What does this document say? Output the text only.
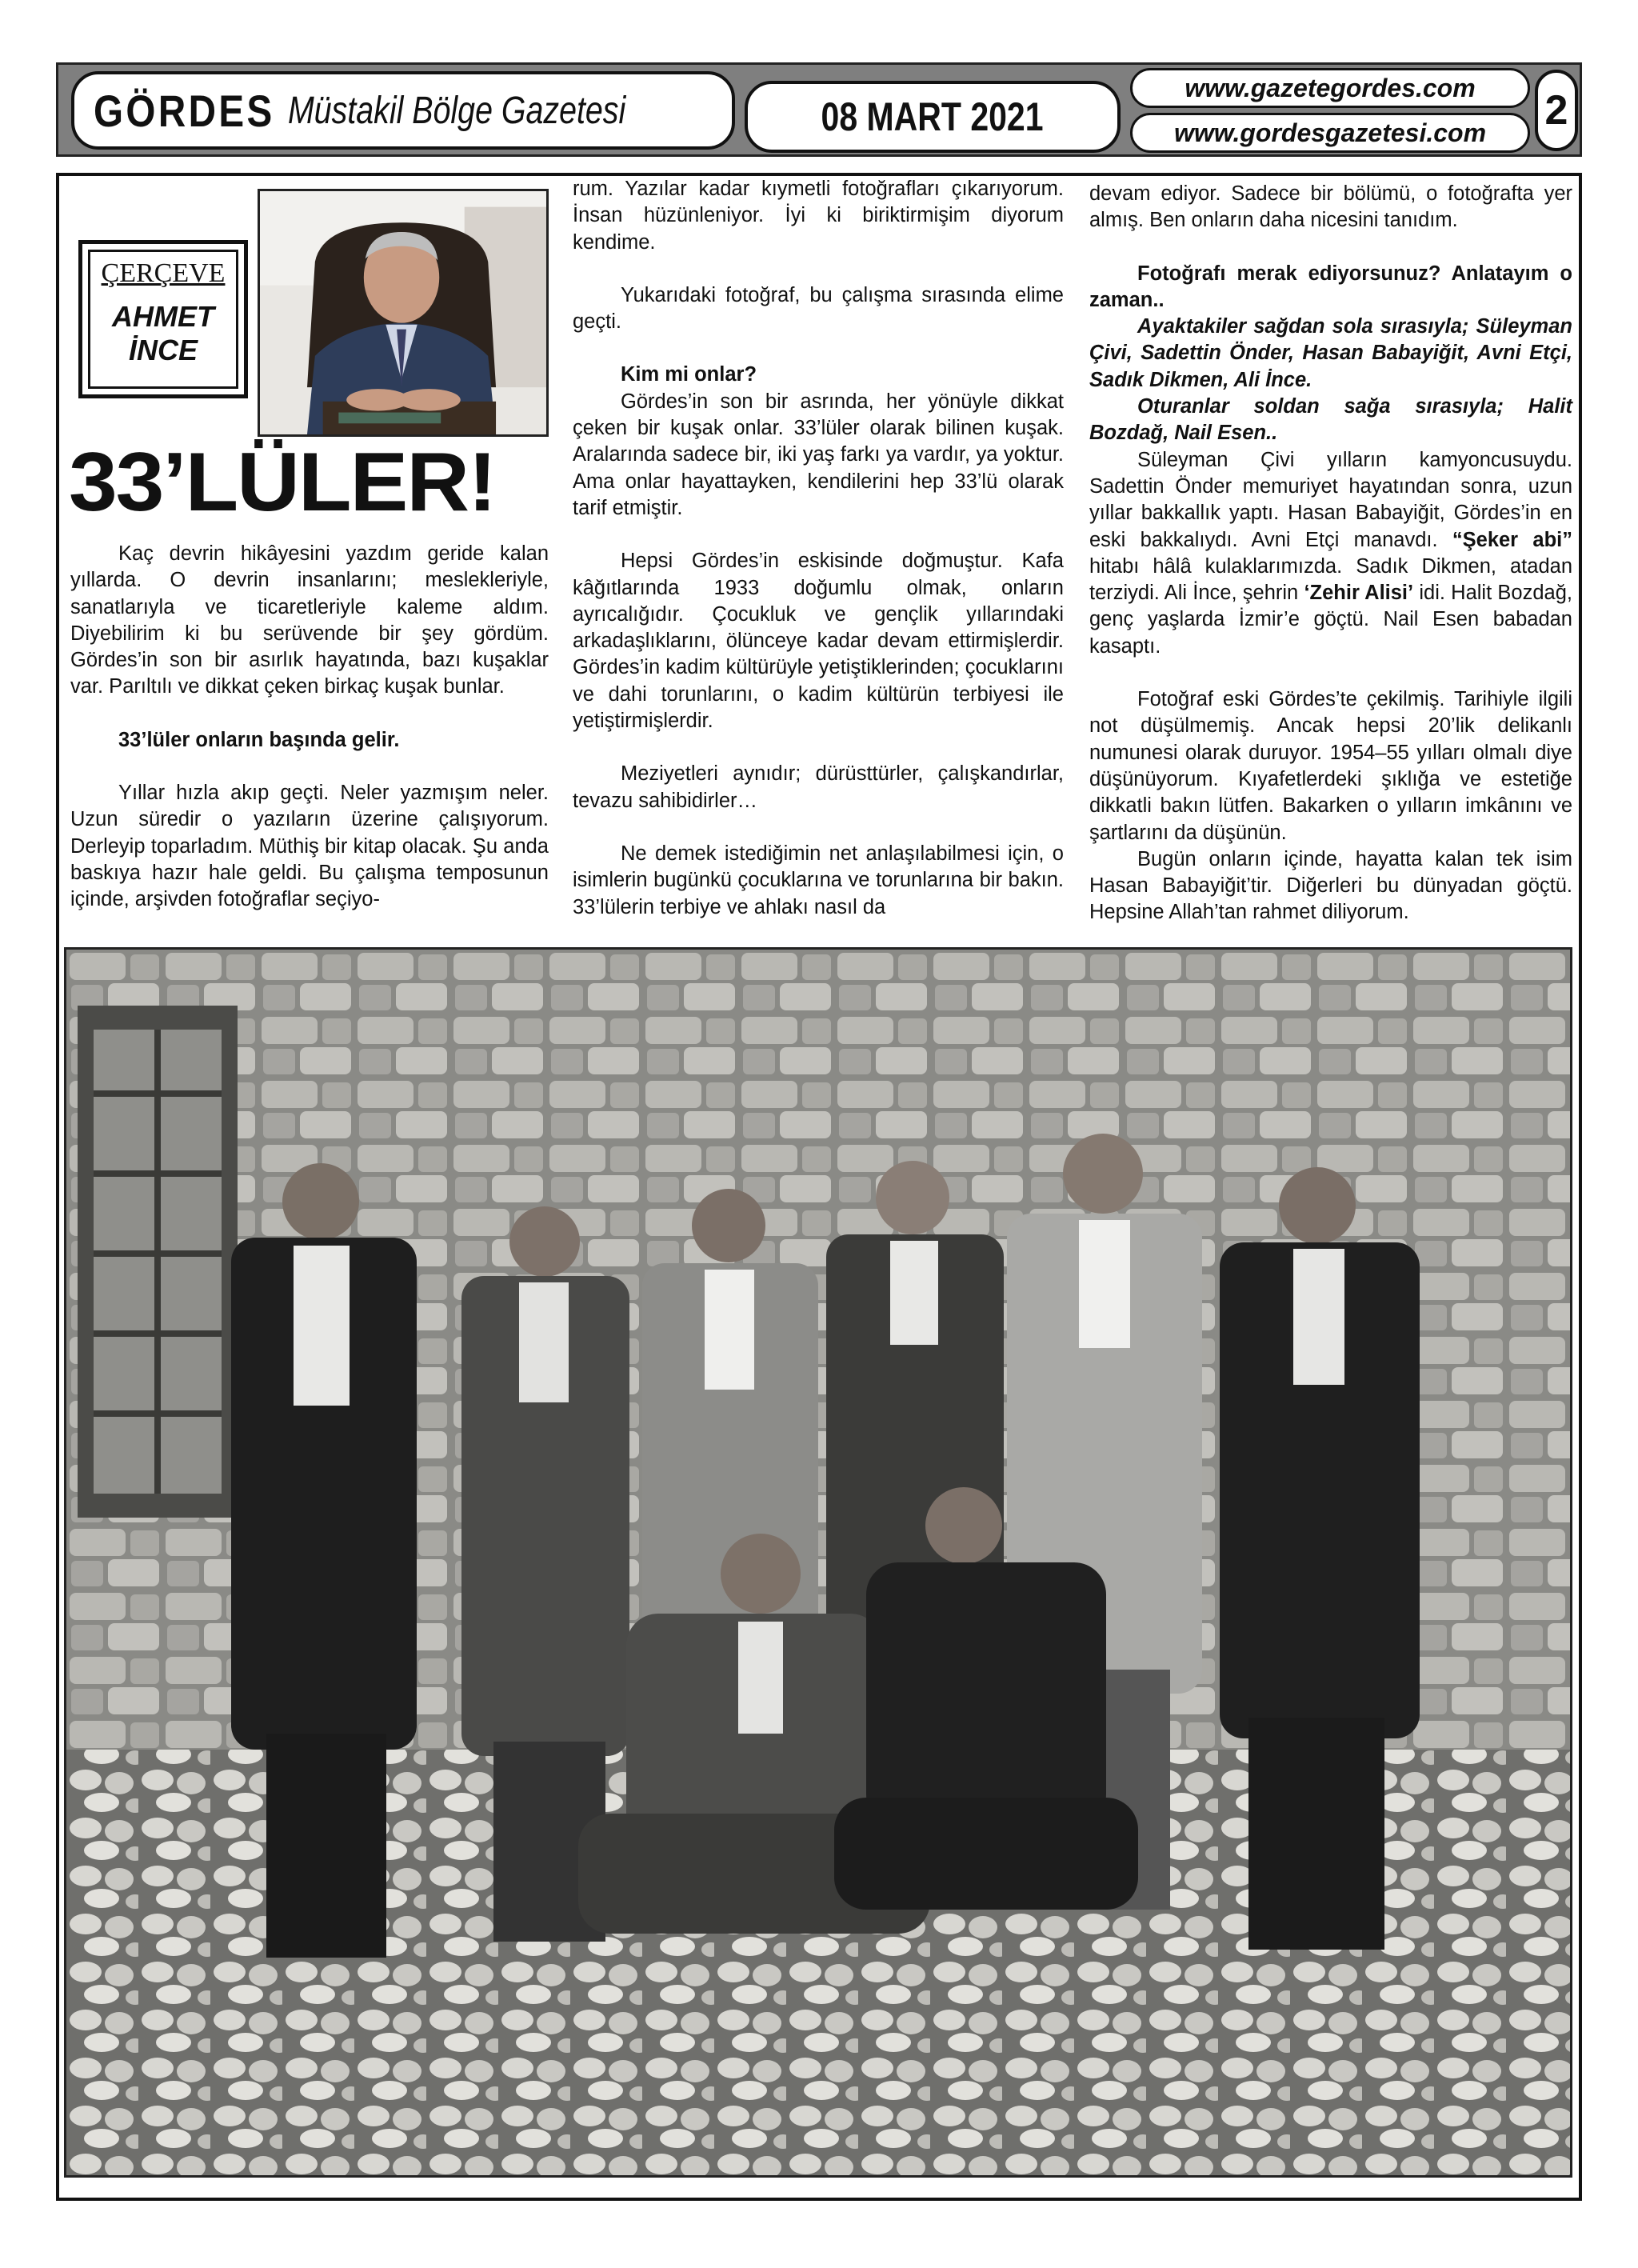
GÖRDES Müstakil Bölge Gazetesi	08 MART 2021
www.gazetegordes.com
www.gordesgazetesi.com	2
ÇERÇEVE
AHMET
İNCE
33’LÜLER!

Kaç devrin hikâyesini yazdım geride kalan yıllarda. O devrin insanlarını; meslekleriyle, sanatlarıyla ve ticaretleriyle kaleme aldım. Diyebilirim ki bu serüvende bir şey gördüm. Gördes’in son bir asırlık hayatında, bazı kuşaklar var. Parıltılı ve dikkat çeken birkaç kuşak bunlar.

33’lüler onların başında gelir.

Yıllar hızla akıp geçti. Neler yazmışım neler. Uzun süredir o yazıların üzerine çalışıyorum. Derleyip toparladım. Müthiş bir kitap olacak. Şu anda baskıya hazır hale geldi. Bu çalışma temposunun içinde, arşivden fotoğraflar seçiyo-

rum. Yazılar kadar kıymetli fotoğrafları çıkarıyorum. İnsan hüzünleniyor. İyi ki biriktirmişim diyorum kendime.

Yukarıdaki fotoğraf, bu çalışma sırasında elime geçti.

Kim mi onlar?

Gördes’in son bir asrında, her yönüyle dikkat çeken bir kuşak onlar. 33’lüler olarak bilinen kuşak. Aralarında sadece bir, iki yaş farkı ya vardır, ya yoktur. Ama onlar hayattayken, kendilerini hep 33’lü olarak tarif etmiştir.

Hepsi Gördes’in eskisinde doğmuştur. Kafa kâğıtlarında 1933 doğumlu olmak, onların ayrıcalığıdır. Çocukluk ve gençlik yıllarındaki arkadaşlıklarını, ölünceye kadar devam ettirmişlerdir. Gördes’in kadim kültürüyle yetiştiklerinden; çocuklarını ve dahi torunlarını, o kadim kültürün terbiyesi ile yetiştirmişlerdir.

Meziyetleri aynıdır; dürüsttürler, çalışkandırlar, tevazu sahibidirler…

Ne demek istediğimin net anlaşılabilmesi için, o isimlerin bugünkü çocuklarına ve torunlarına bir bakın. 33’lülerin terbiye ve ahlakı nasıl da

devam ediyor. Sadece bir bölümü, o fotoğrafta yer almış. Ben onların daha nicesini tanıdım.

Fotoğrafı merak ediyorsunuz? Anlatayım o zaman..

Ayaktakiler sağdan sola sırasıyla; Süleyman Çivi, Sadettin Önder, Hasan Babayiğit, Avni Etçi, Sadık Dikmen, Ali İnce.

Oturanlar soldan sağa sırasıyla; Halit Bozdağ, Nail Esen..

Süleyman Çivi yılların kamyoncusuydu. Sadettin Önder memuriyet hayatından sonra, uzun yıllar bakkallık yaptı. Hasan Babayiğit, Gördes’in en eski bakkalıydı. Avni Etçi manavdı. “Şeker abi” hitabı hâlâ kulaklarımızda. Sadık Dikmen, atadan terziydi. Ali İnce, şehrin ‘Zehir Alisi’ idi. Halit Bozdağ, genç yaşlarda İzmir’e göçtü. Nail Esen babadan kasaptı.

Fotoğraf eski Gördes’te çekilmiş. Tarihiyle ilgili not düşülmemiş. Ancak hepsi 20’lik delikanlı numunesi olarak duruyor. 1954–55 yılları olmalı diye düşünüyorum. Kıyafetlerdeki şıklığa ve estetiğe dikkatli bakın lütfen. Bakarken o yılların imkânını ve şartlarını da düşünün.

Bugün onların içinde, hayatta kalan tek isim Hasan Babayiğit’tir. Diğerleri bu dünyadan göçtü. Hepsine Allah’tan rahmet diliyorum.
